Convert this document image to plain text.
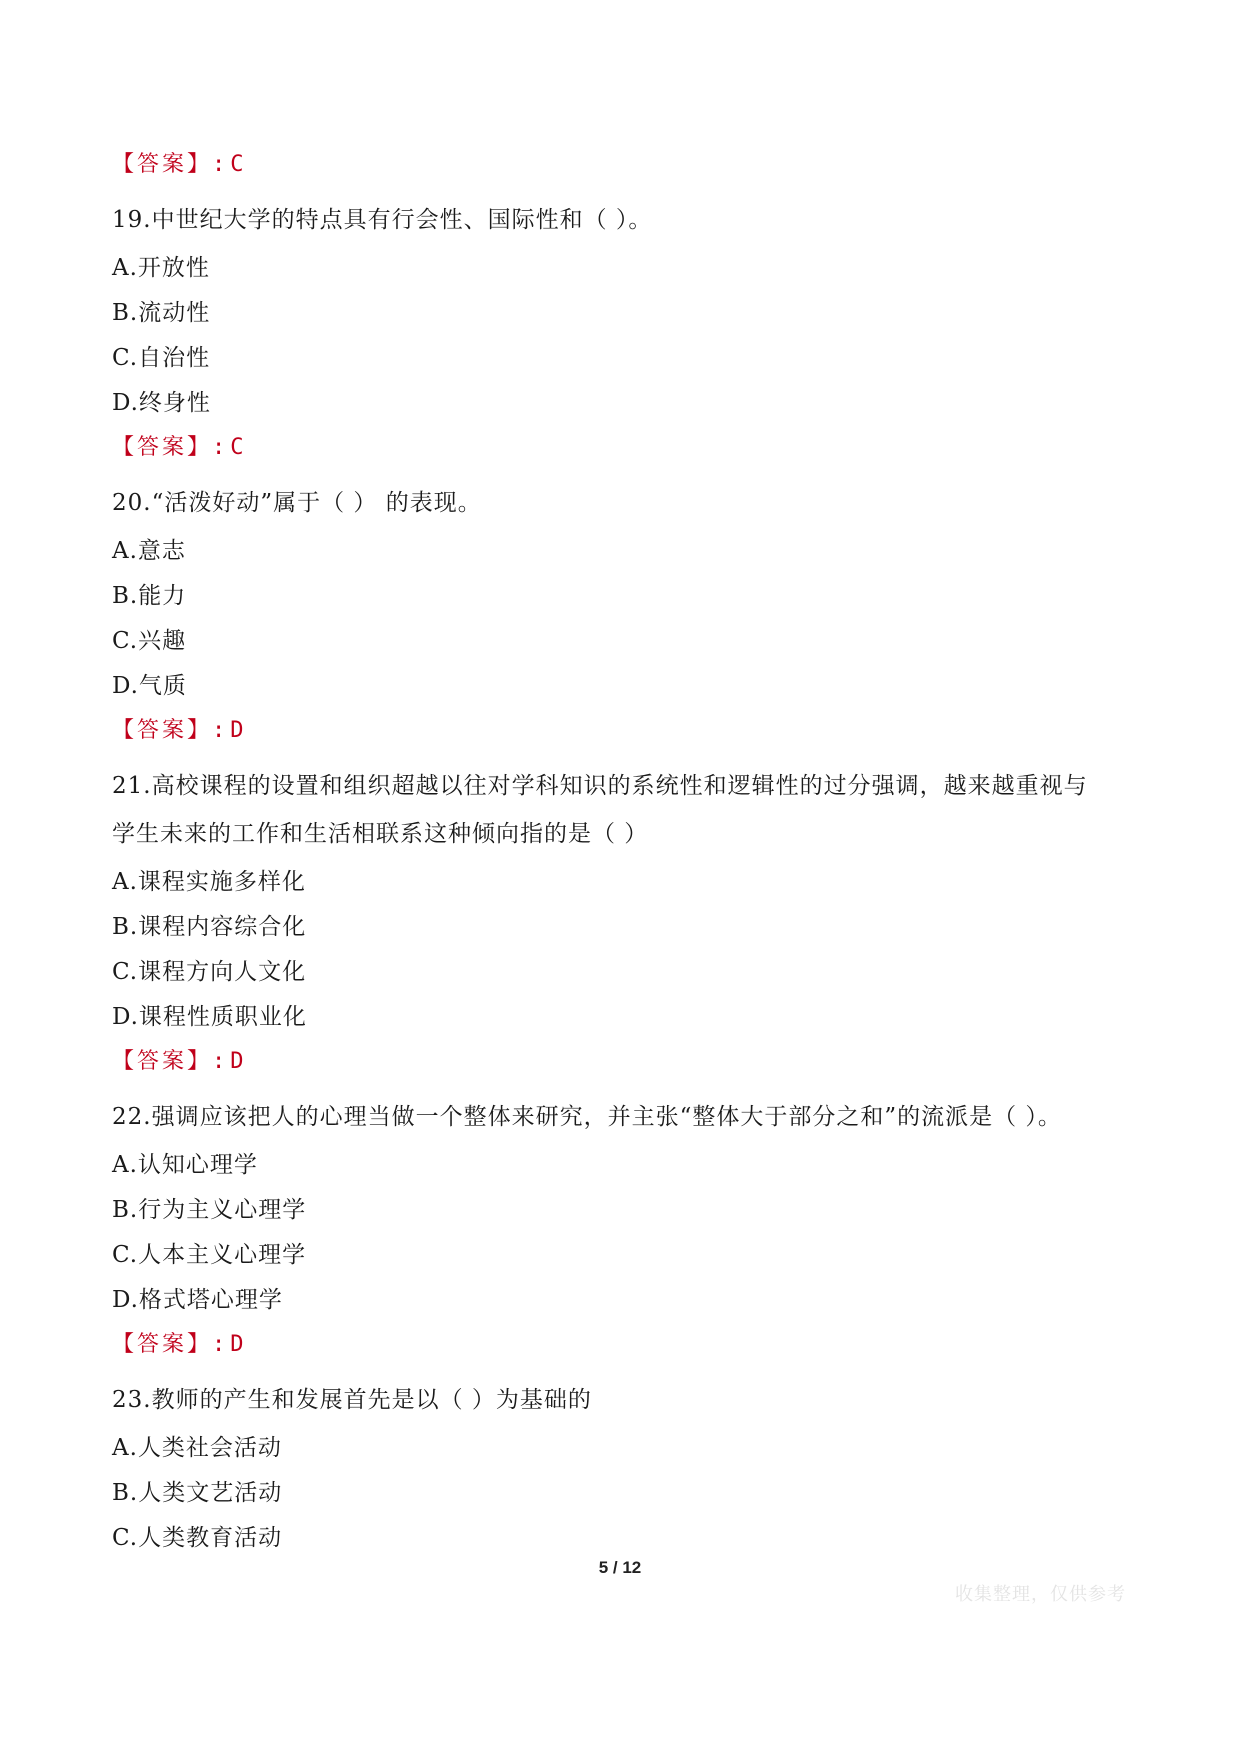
【答案】:C
19.中世纪大学的特点具有行会性、国际性和（ ）。
A.开放性
B.流动性
C.自治性
D.终身性
【答案】:C
20.“活泼好动”属于（ ） 的表现。
A.意志
B.能力
C.兴趣
D.气质
【答案】:D
21.高校课程的设置和组织超越以往对学科知识的系统性和逻辑性的过分强调，越来越重视与
学生未来的工作和生活相联系这种倾向指的是（ ）
A.课程实施多样化
B.课程内容综合化
C.课程方向人文化
D.课程性质职业化
【答案】:D
22.强调应该把人的心理当做一个整体来研究，并主张“整体大于部分之和”的流派是（ ）。
A.认知心理学
B.行为主义心理学
C.人本主义心理学
D.格式塔心理学
【答案】:D
23.教师的产生和发展首先是以（ ）为基础的
A.人类社会活动
B.人类文艺活动
C.人类教育活动
5 / 12
收集整理，仅供参考
